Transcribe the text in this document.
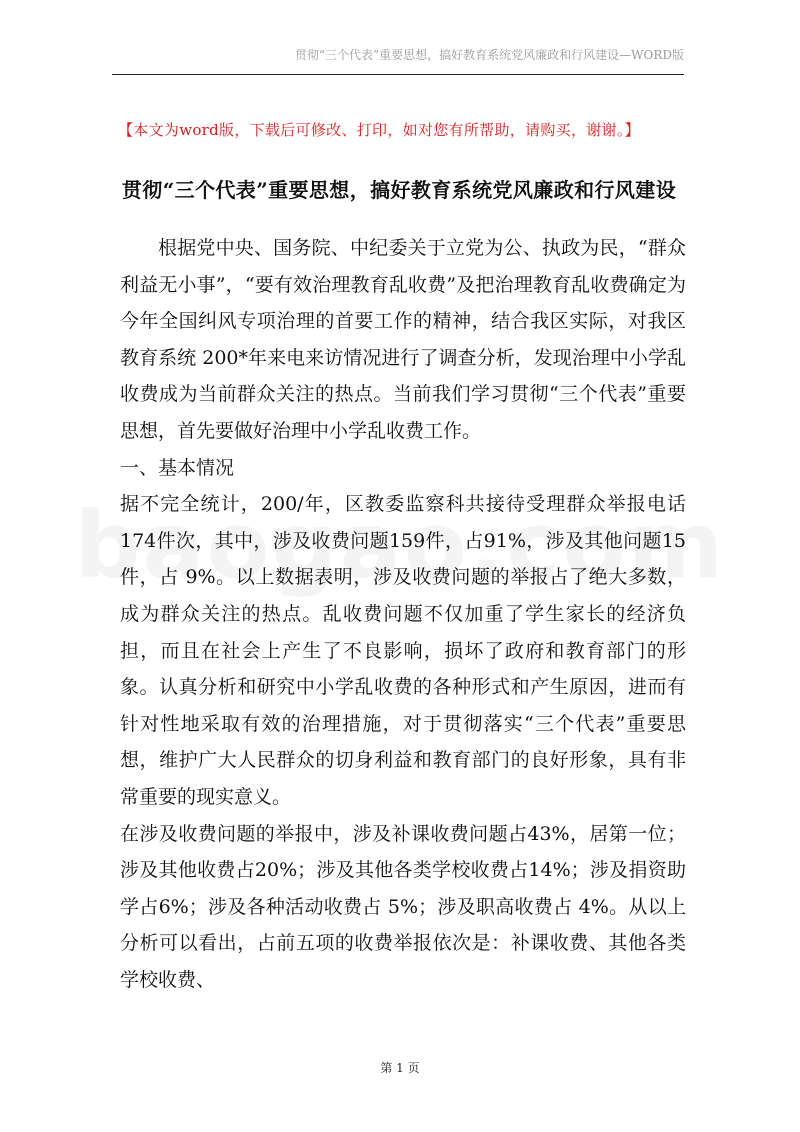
贯彻“三个代表”重要思想，搞好教育系统党风廉政和行风建设—WORD版
【本文为word版，下载后可修改、打印，如对您有所帮助，请购买，谢谢。】
贯彻“三个代表”重要思想，搞好教育系统党风廉政和行风建设

根据党中央、国务院、中纪委关于立党为公、执政为民，“群众利益无小事”，“要有效治理教育乱收费”及把治理教育乱收费确定为今年全国纠风专项治理的首要工作的精神，结合我区实际，对我区教育系统 200*年来电来访情况进行了调查分析，发现治理中小学乱收费成为当前群众关注的热点。当前我们学习贯彻“三个代表”重要思想，首先要做好治理中小学乱收费工作。

一、基本情况

据不完全统计，200/年，区教委监察科共接待受理群众举报电话174件次，其中，涉及收费问题159件，占91%，涉及其他问题15件，占 9%。以上数据表明，涉及收费问题的举报占了绝大多数，成为群众关注的热点。乱收费问题不仅加重了学生家长的经济负担，而且在社会上产生了不良影响，损坏了政府和教育部门的形象。认真分析和研究中小学乱收费的各种形式和产生原因，进而有针对性地采取有效的治理措施，对于贯彻落实“三个代表”重要思想，维护广大人民群众的切身利益和教育部门的良好形象，具有非常重要的现实意义。

在涉及收费问题的举报中，涉及补课收费问题占43%，居第一位；涉及其他收费占20%；涉及其他各类学校收费占14%；涉及捐资助学占6%；涉及各种活动收费占 5%；涉及职高收费占 4%。从以上分析可以看出，占前五项的收费举报依次是：补课收费、其他各类学校收费、

第 1 页
